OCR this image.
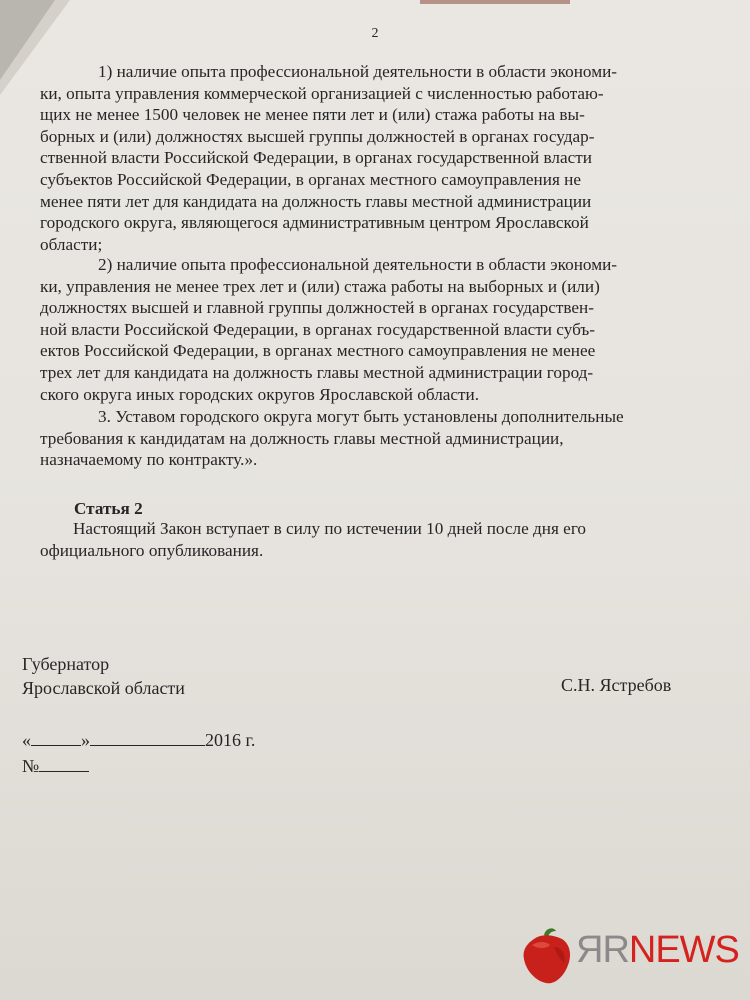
2

1) наличие опыта профессиональной деятельности в области экономи-

ки, опыта управления коммерческой организацией с численностью работаю-

щих не менее 1500 человек не менее пяти лет и (или) стажа работы на вы-

борных и (или) должностях высшей группы должностей в органах государ-

ственной власти Российской Федерации, в органах государственной власти

субъектов Российской Федерации, в органах местного самоуправления не

менее пяти лет для кандидата на должность главы местной администрации

городского округа, являющегося административным центром Ярославской

области;

2) наличие опыта профессиональной деятельности в области экономи-

ки, управления не менее трех лет и (или) стажа работы на выборных и (или)

должностях высшей и главной группы должностей в органах государствен-

ной власти Российской Федерации, в органах государственной власти субъ-

ектов Российской Федерации, в органах местного самоуправления не менее

трех лет для кандидата на должность главы местной администрации город-

ского округа иных городских округов Ярославской области.

3. Уставом городского округа могут быть установлены дополнительные

требования к кандидатам на должность главы местной администрации,

назначаемому по контракту.».

Статья 2

Настоящий Закон вступает в силу по истечении 10 дней после дня его

официального опубликования.

Губернатор
Ярославской области	С.Н. Ястребов
«	»	2016 г.
№
ЯRNEWS
